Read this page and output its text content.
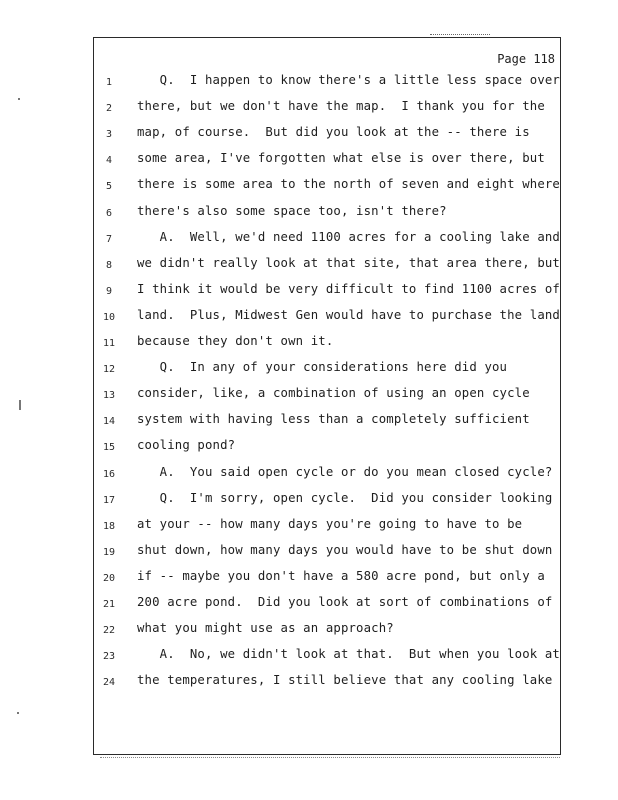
Page 118
1	Q.  I happen to know there's a little less space over
2	there, but we don't have the map.  I thank you for the
3	map, of course.  But did you look at the -- there is
4	some area, I've forgotten what else is over there, but
5	there is some area to the north of seven and eight where
6	there's also some space too, isn't there?
7	A.  Well, we'd need 1100 acres for a cooling lake and
8	we didn't really look at that site, that area there, but
9	I think it would be very difficult to find 1100 acres of
10	land.  Plus, Midwest Gen would have to purchase the land
11	because they don't own it.
12	Q.  In any of your considerations here did you
13	consider, like, a combination of using an open cycle
14	system with having less than a completely sufficient
15	cooling pond?
16	A.  You said open cycle or do you mean closed cycle?
17	Q.  I'm sorry, open cycle.  Did you consider looking
18	at your -- how many days you're going to have to be
19	shut down, how many days you would have to be shut down
20	if -- maybe you don't have a 580 acre pond, but only a
21	200 acre pond.  Did you look at sort of combinations of
22	what you might use as an approach?
23	A.  No, we didn't look at that.  But when you look at
24	the temperatures, I still believe that any cooling lake
